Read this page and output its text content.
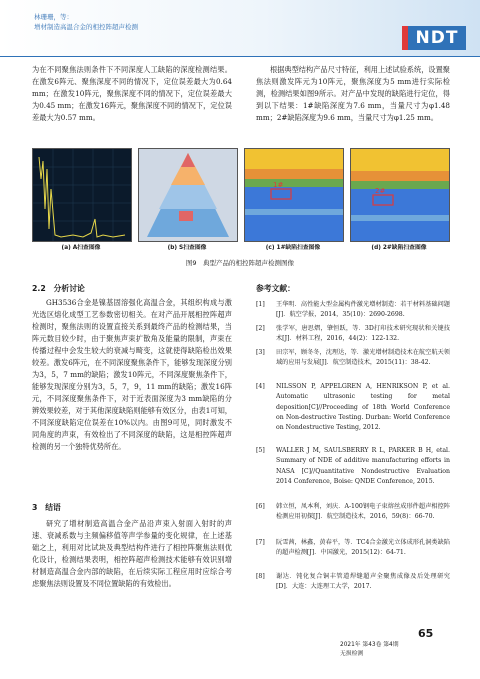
林珊珊，等：
增材制造高温合金的相控阵超声检测
NDT
为在不同聚焦法则条件下不同深度人工缺陷的深度检测结果。在激发6阵元、聚焦深度不同的情况下，定位误差最大为0.64 mm；在激发10阵元，聚焦深度不同的情况下，定位误差最大为0.45 mm；在激发16阵元，聚焦深度不同的情况下，定位误差最大为0.57 mm。
根据典型结构产品尺寸特征，利用上述试验系统，设置聚焦法则激发阵元为10阵元，聚焦深度为5 mm进行实际检测，检测结果如图9所示。对产品中发现的缺陷进行定位，得到以下结果：1#缺陷深度为7.6 mm，当量尺寸为φ1.48 mm；2#缺陷深度为9.6 mm，当量尺寸为φ1.25 mm。
1#
2#
(a) A扫查图像	(b) S扫查图像	(c) 1#缺陷扫查图像	(d) 2#缺陷扫查图像
图9　典型产品的相控阵超声检测图像
2.2　分析讨论
GH3536合金是镍基固溶强化高温合金，其组织构成与激光选区熔化成型工艺参数密切相关。在对产品开展相控阵超声检测时，聚焦法则的设置直接关系到最终产品的检测结果，当阵元数目较少时，由于聚焦声束扩散角及能量的限制，声束在传播过程中会发生较大的衰减与畸变，这就使得缺陷检出效果较差。激发6阵元，在不同深度聚焦条件下，能够发现深度分别为3，5，7 mm的缺陷；激发10阵元，不同深度聚焦条件下，能够发现深度分别为3，5，7，9，11 mm的缺陷；激发16阵元，不同深度聚焦条件下，对于近表面深度为3 mm缺陷的分辨效果较差，对于其他深度缺陷则能够有效区分，由表1可知，不同深度缺陷定位误差在10%以内。由图9可见，同时激发不同角度的声束，有效检出了不同深度的缺陷，这是相控阵超声检测的另一个独特优势所在。
3　结语
研究了增材制造高温合金产品沿声束入射面入射时的声速、衰减系数与主频偏移值等声学参量的变化规律，在上述基础之上，利用对比试块及典型结构件进行了相控阵聚焦法则优化设计，检测结果表明，相控阵超声检测技术能够有效识别增材制造高温合金内部的缺陷，在后续实际工程应用时应综合考虑聚焦法则设置及不同位置缺陷的有效检出。
参考文献：
[1] 王华明．高性能大型金属构件激光增材制造：若干材料基础问题[J]．航空学报，2014，35(10)：2690-2698.
[2] 张学军，唐思熠，肇恒跃，等．3D打印技术研究现状和关键技术[J]．材料工程，2016，44(2)：122-132.
[3] 田宗军，顾冬冬，沈理达，等．激光增材制造技术在航空航天领域的应用与发展[J]．航空制造技术，2015(11)：38-42.
[4] NILSSON P, APPELGREN A, HENRIKSON P, et al. Automatic ultrasonic testing for metal deposition[C]//Proceeding of 18th World Conference on Non-destructive Testing. Durban: World Conference on Nondestructive Testing, 2012.
[5] WALLER J M, SAULSBERRY R L, PARKER B H, etal. Summary of NDE of additive manufacturing efforts in NASA [C]//Quantitative Nondestructive Evaluation 2014 Conference, Boise: QNDE Conference, 2015.
[6] 韩立恒，凤本利，刘庆．A-100钢电子束熔丝成形件超声相控阵检测应用初探[J]．航空制造技术，2016，59(8)：66-70.
[7] 阮雪茜，林鑫，黄春平，等．TC4合金激光立体成形孔洞类缺陷的超声检测[J]．中国激光，2015(12)：64-71.
[8] 谢达．钝化复合铜丰管道焊缝超声全聚焦成像及后处理研究[D]．大连：大连理工大学，2017.
65
2021年 第43卷 第4期
无损检测
